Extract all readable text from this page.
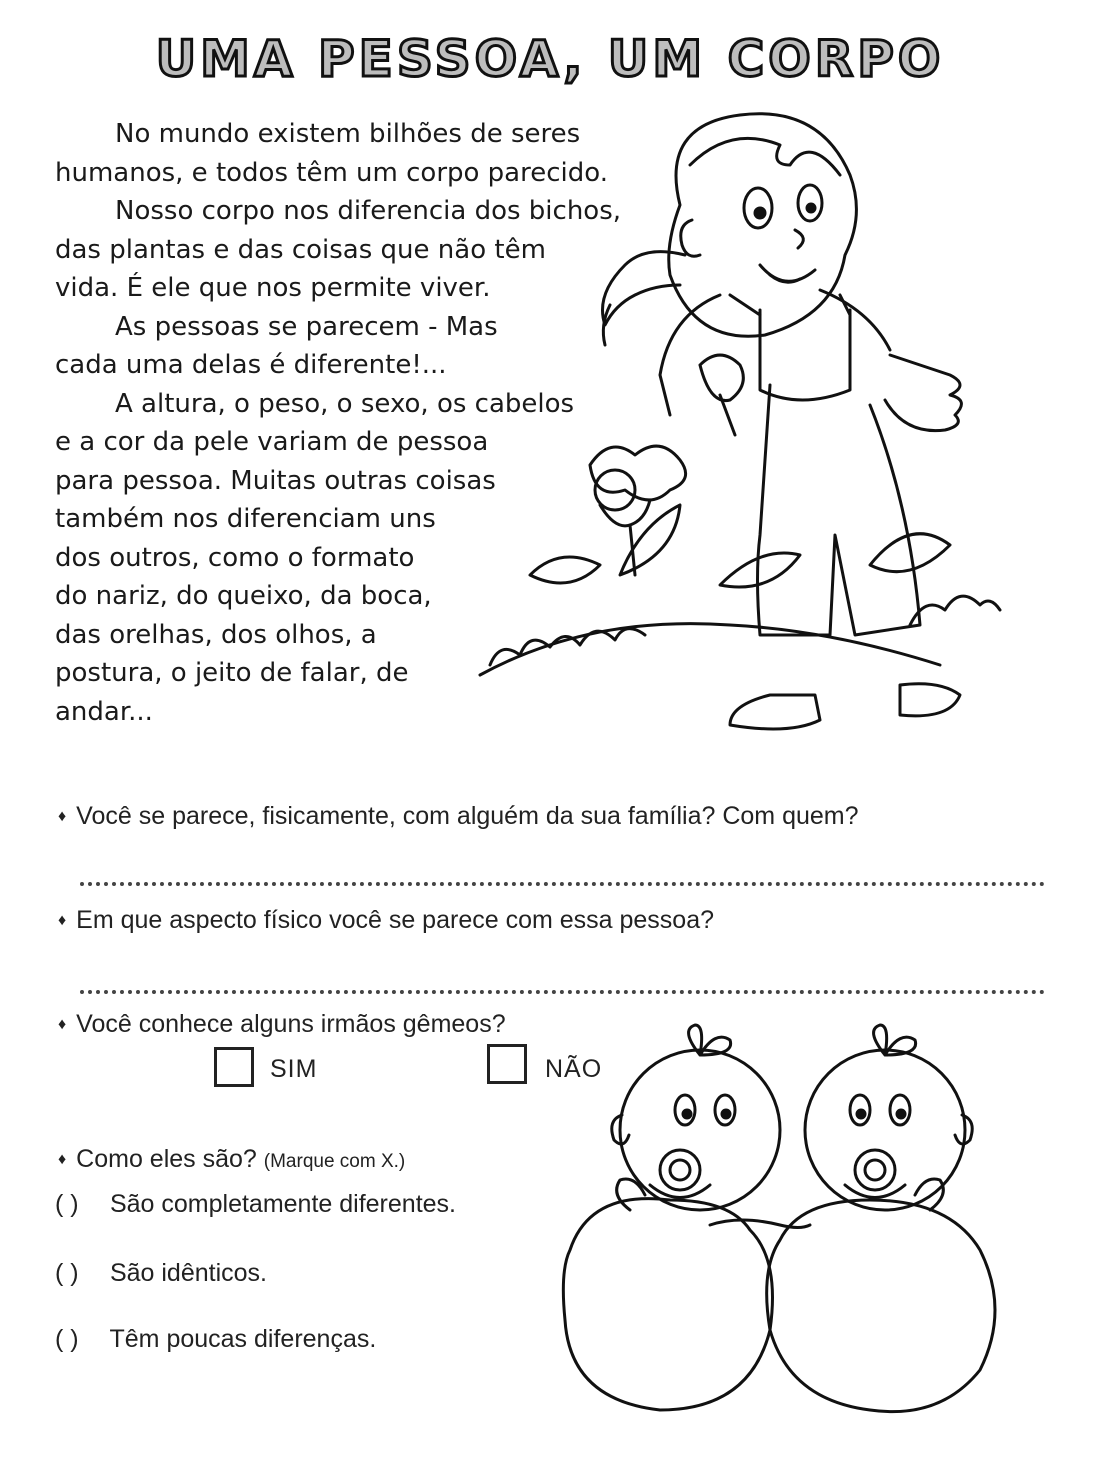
UMA PESSOA, UM CORPO
No mundo existem bilhões de seres
humanos, e todos têm um corpo parecido.
Nosso corpo nos diferencia dos bichos,
das plantas e das coisas que não têm
vida. É ele que nos permite viver.
As pessoas se parecem - Mas
cada uma delas é diferente!...
A altura, o peso, o sexo, os cabelos
e a cor da pele variam de pessoa
para pessoa. Muitas outras coisas
também nos diferenciam uns
dos outros, como o formato
do nariz, do queixo, da boca,
das orelhas, dos olhos, a
postura, o jeito de falar, de
andar...
♦ Você se parece, fisicamente, com alguém da sua família? Com quem?
♦ Em que aspecto físico você se parece com essa pessoa?
♦ Você conhece alguns irmãos gêmeos?
SIM	NÃO
♦ Como eles são? (Marque com X.)
( ) São completamente diferentes.
( ) São idênticos.
( ) Têm poucas diferenças.
